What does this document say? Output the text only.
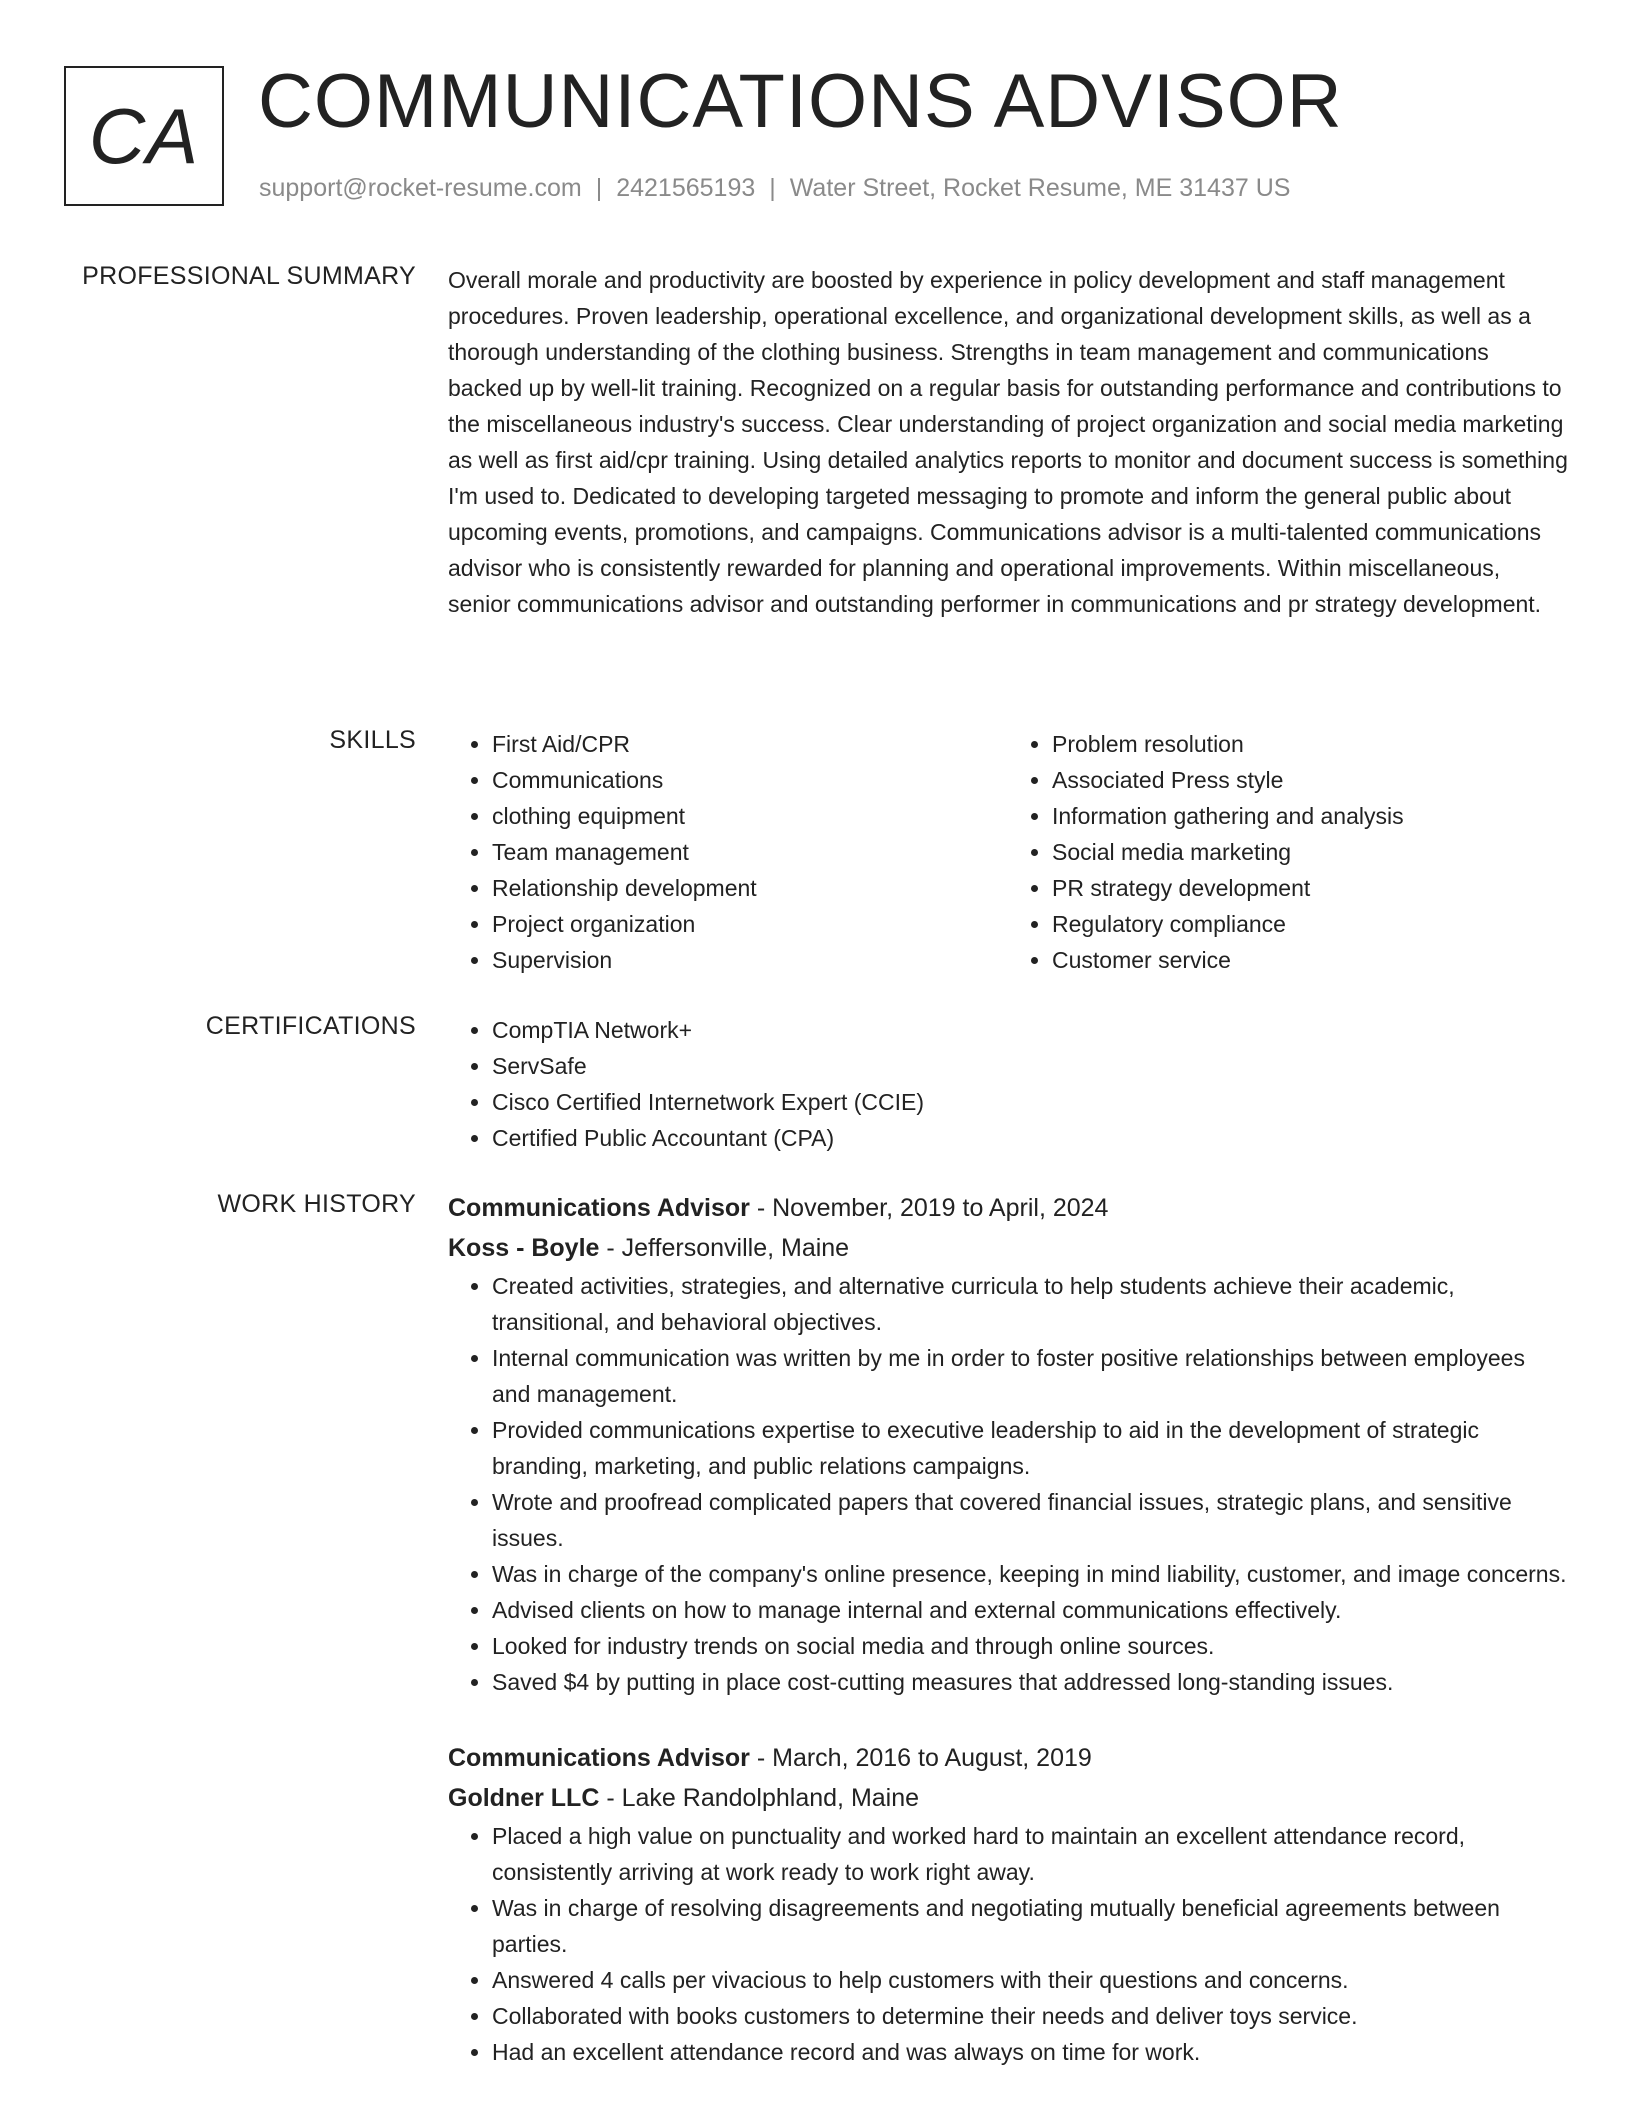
CA COMMUNICATIONS ADVISOR
support@rocket-resume.com | 2421565193 | Water Street, Rocket Resume, ME 31437 US
PROFESSIONAL SUMMARY Overall morale and productivity are boosted by experience in policy development and staff management procedures. Proven leadership, operational excellence, and organizational development skills, as well as a thorough understanding of the clothing business. Strengths in team management and communications backed up by well-lit training. Recognized on a regular basis for outstanding performance and contributions to the miscellaneous industry's success. Clear understanding of project organization and social media marketing as well as first aid/cpr training. Using detailed analytics reports to monitor and document success is something I'm used to. Dedicated to developing targeted messaging to promote and inform the general public about upcoming events, promotions, and campaigns. Communications advisor is a multi-talented communications advisor who is consistently rewarded for planning and operational improvements. Within miscellaneous, senior communications advisor and outstanding performer in communications and pr strategy development.

SKILLS	• First Aid/CPR
• Communications
• clothing equipment
• Team management
• Relationship development
• Project organization
• Supervision
• Problem resolution
• Associated Press style
• Information gathering and analysis
• Social media marketing
• PR strategy development
• Regulatory compliance
• Customer service
CERTIFICATIONS	• CompTIA Network+
• ServSafe
• Cisco Certified Internetwork Expert (CCIE)
• Certified Public Accountant (CPA)
WORK HISTORY Communications Advisor - November, 2019 to April, 2024

Koss - Boyle - Jeffersonville, Maine

• Created activities, strategies, and alternative curricula to help students achieve their academic, transitional, and behavioral objectives.
• Internal communication was written by me in order to foster positive relationships between employees and management.
• Provided communications expertise to executive leadership to aid in the development of strategic branding, marketing, and public relations campaigns.
• Wrote and proofread complicated papers that covered financial issues, strategic plans, and sensitive issues.
• Was in charge of the company's online presence, keeping in mind liability, customer, and image concerns.
• Advised clients on how to manage internal and external communications effectively.
• Looked for industry trends on social media and through online sources.
• Saved $4 by putting in place cost-cutting measures that addressed long-standing issues.

Communications Advisor - March, 2016 to August, 2019

Goldner LLC - Lake Randolphland, Maine

• Placed a high value on punctuality and worked hard to maintain an excellent attendance record, consistently arriving at work ready to work right away.
• Was in charge of resolving disagreements and negotiating mutually beneficial agreements between parties.
• Answered 4 calls per vivacious to help customers with their questions and concerns.
• Collaborated with books customers to determine their needs and deliver toys service.
• Had an excellent attendance record and was always on time for work.
